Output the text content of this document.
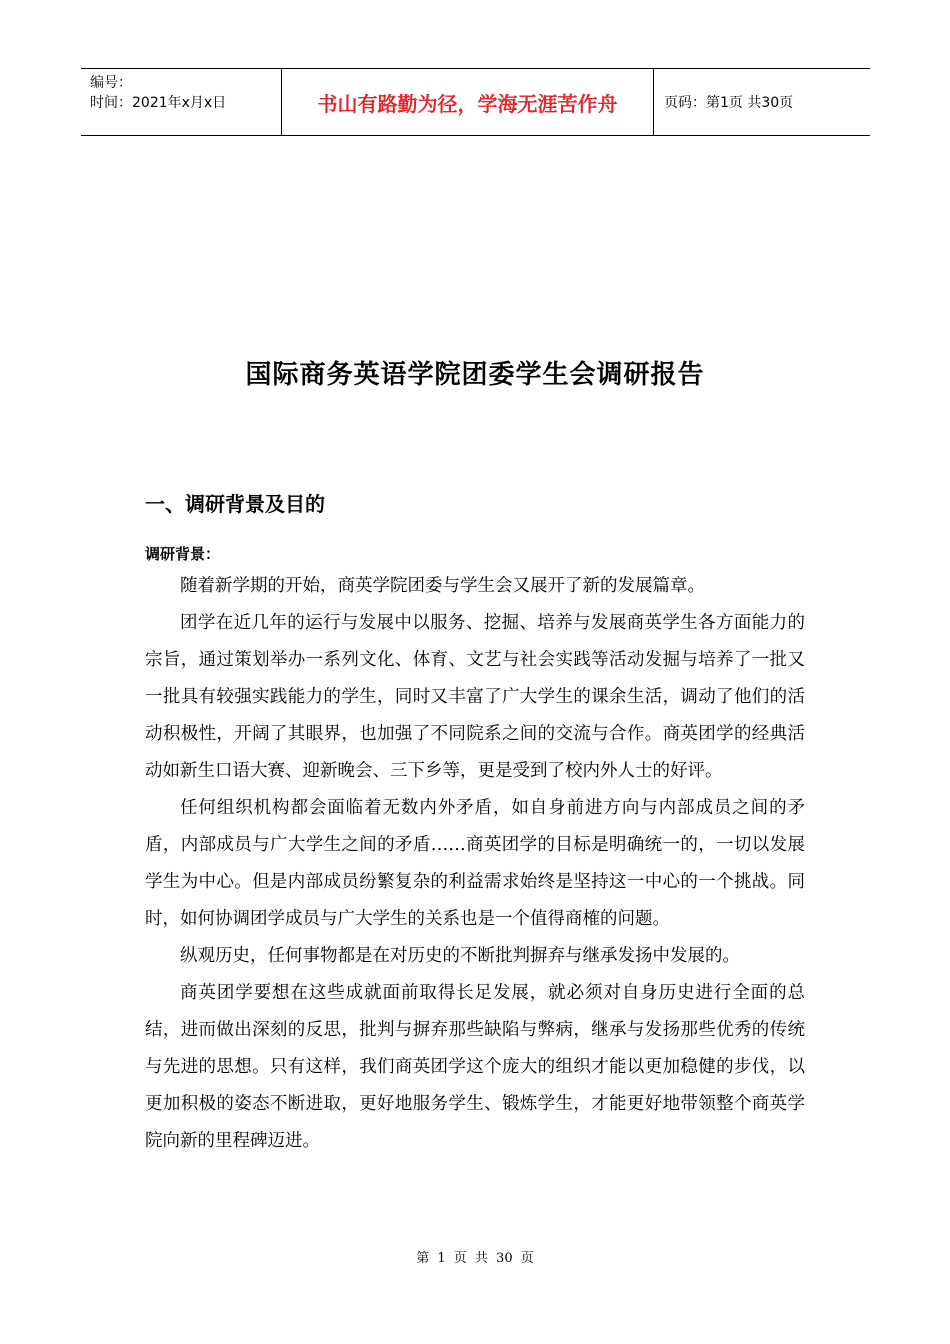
编号：
时间：2021年x月x日	书山有路勤为径，学海无涯苦作舟	页码：第1页 共30页
国际商务英语学院团委学生会调研报告
一、调研背景及目的
调研背景：

随着新学期的开始，商英学院团委与学生会又展开了新的发展篇章。

团学在近几年的运行与发展中以服务、挖掘、培养与发展商英学生各方面能力的宗旨，通过策划举办一系列文化、体育、文艺与社会实践等活动发掘与培养了一批又一批具有较强实践能力的学生，同时又丰富了广大学生的课余生活，调动了他们的活动积极性，开阔了其眼界，也加强了不同院系之间的交流与合作。商英团学的经典活动如新生口语大赛、迎新晚会、三下乡等，更是受到了校内外人士的好评。

任何组织机构都会面临着无数内外矛盾，如自身前进方向与内部成员之间的矛盾，内部成员与广大学生之间的矛盾……商英团学的目标是明确统一的，一切以发展学生为中心。但是内部成员纷繁复杂的利益需求始终是坚持这一中心的一个挑战。同时，如何协调团学成员与广大学生的关系也是一个值得商榷的问题。

纵观历史，任何事物都是在对历史的不断批判摒弃与继承发扬中发展的。

商英团学要想在这些成就面前取得长足发展，就必须对自身历史进行全面的总结，进而做出深刻的反思，批判与摒弃那些缺陷与弊病，继承与发扬那些优秀的传统与先进的思想。只有这样，我们商英团学这个庞大的组织才能以更加稳健的步伐，以更加积极的姿态不断进取，更好地服务学生、锻炼学生，才能更好地带领整个商英学院向新的里程碑迈进。

第 1 页 共 30 页
